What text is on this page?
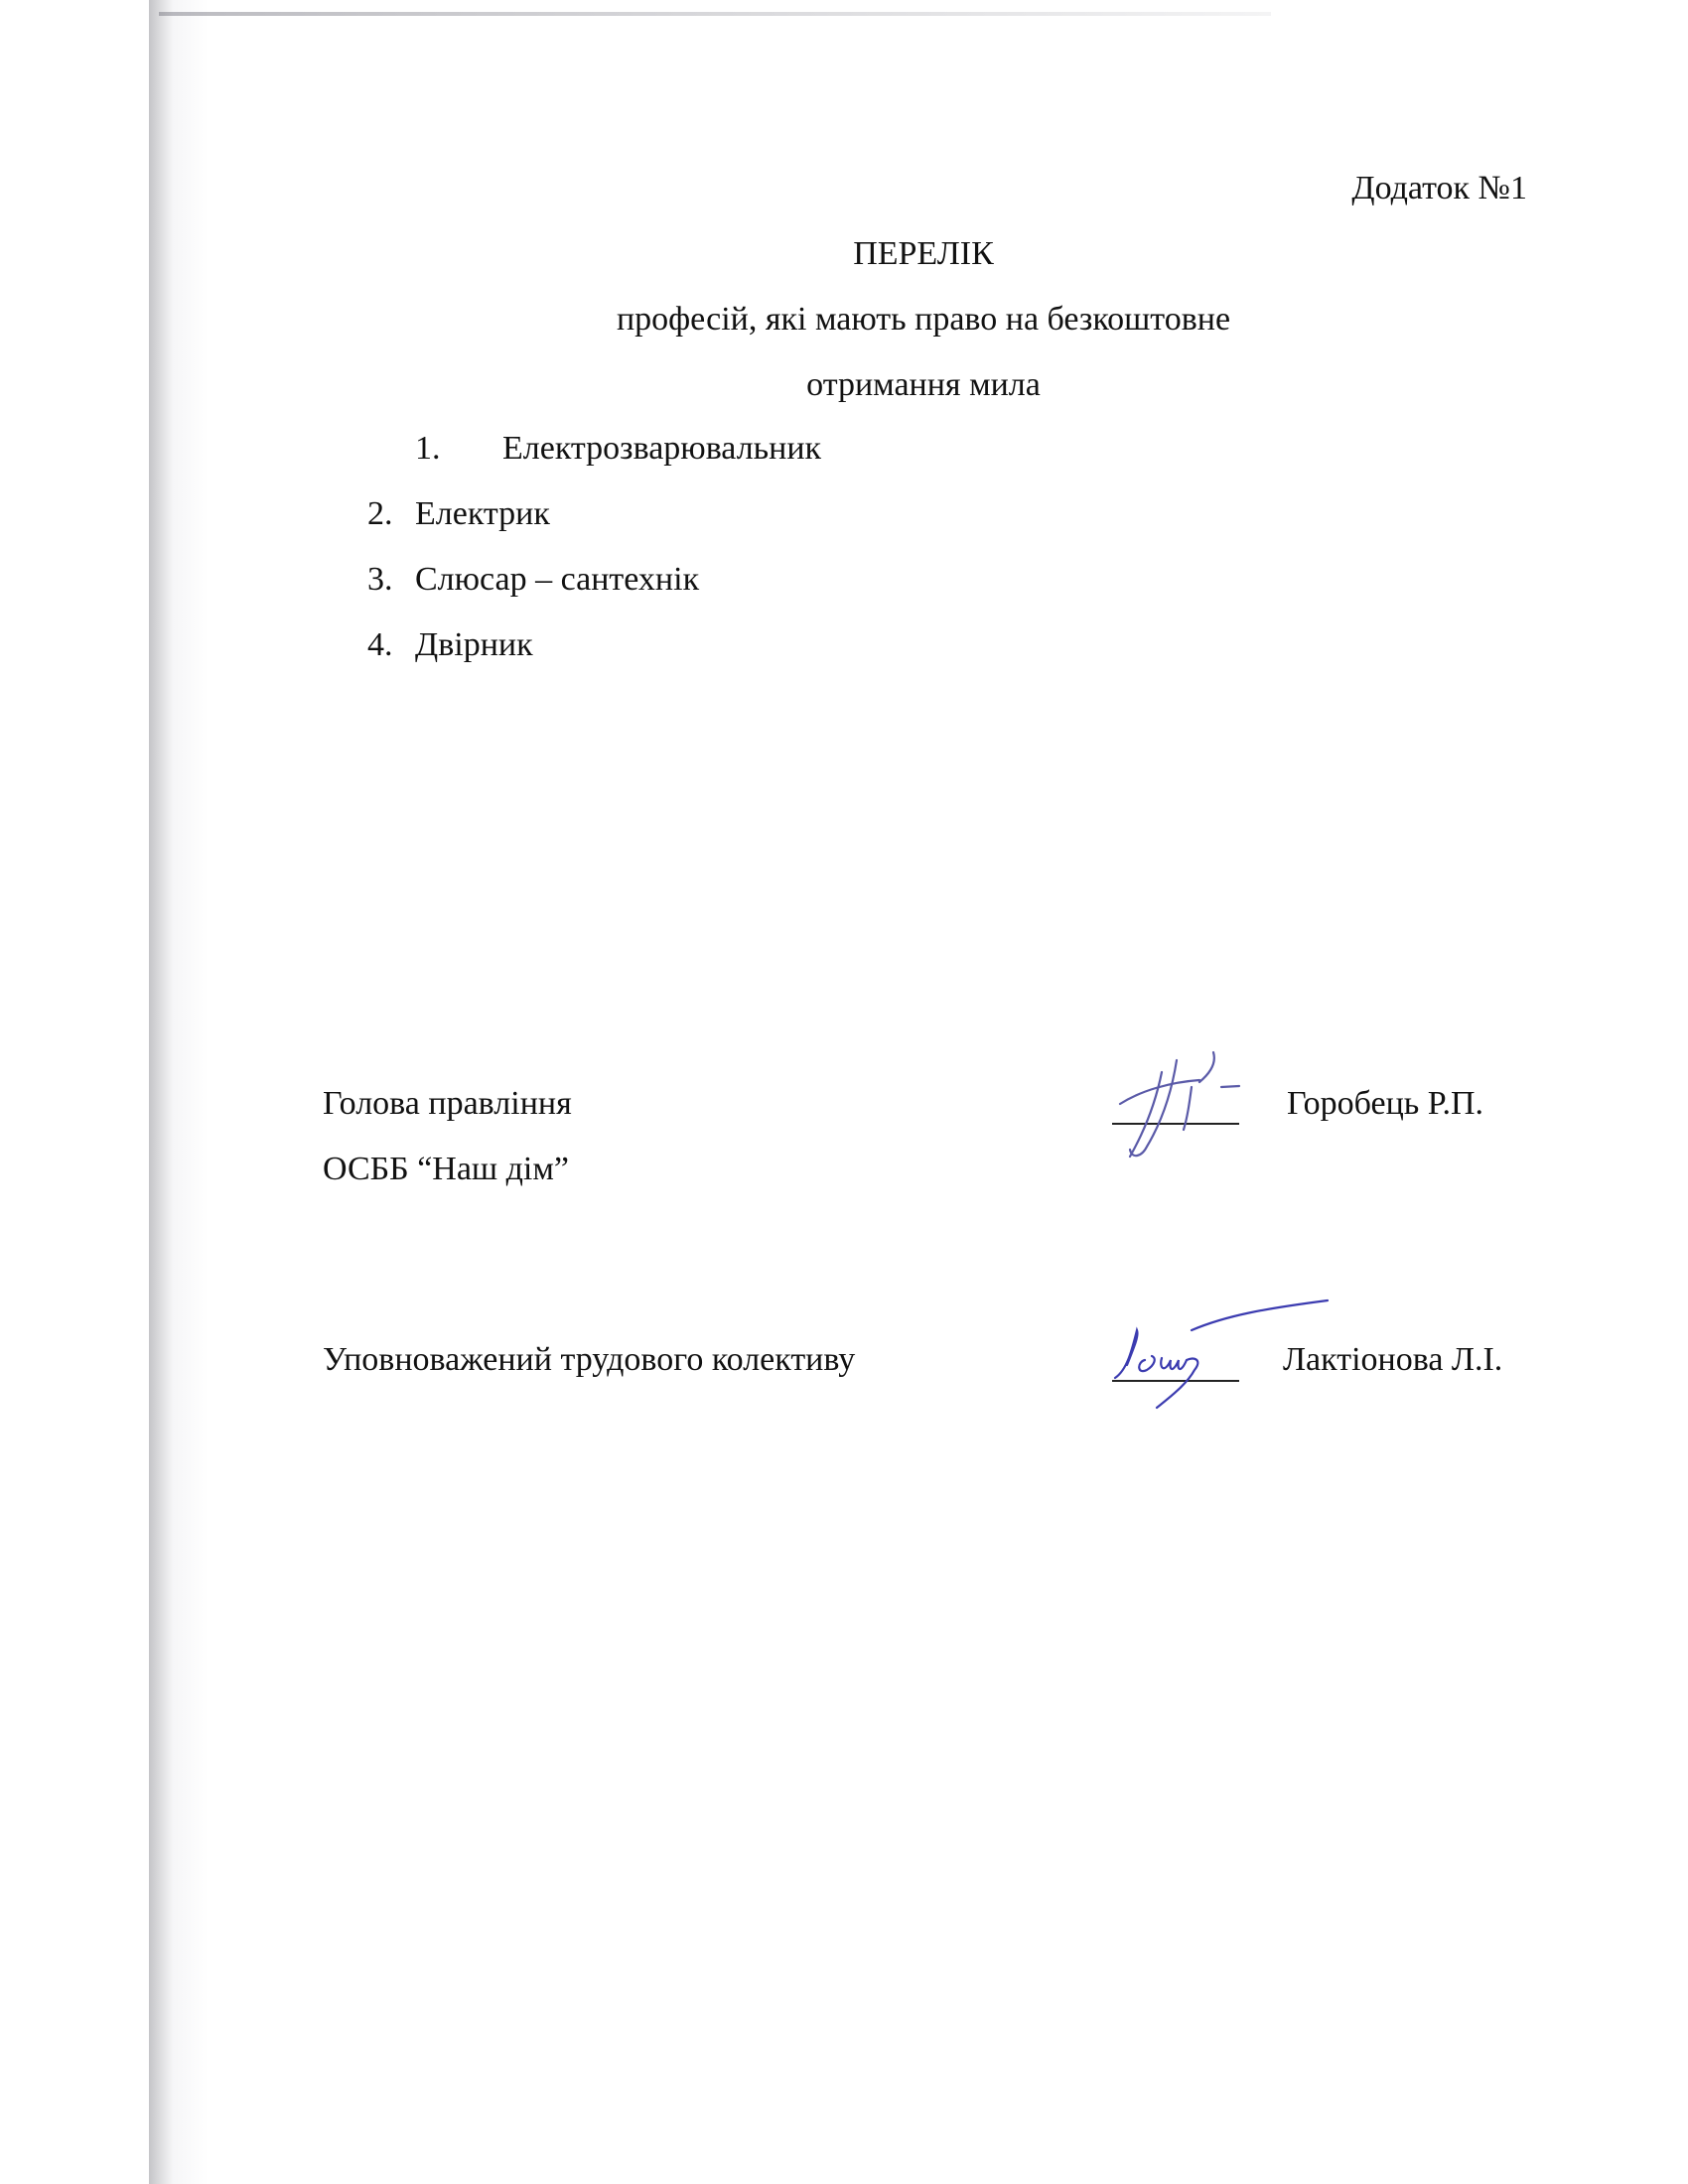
Додаток №1
ПЕРЕЛІК
професій, які мають право на безкоштовне
отримання мила
1. Електрозварювальник
2. Електрик
3. Слюсар – сантехнік
4. Двірник
Голова правління
ОСББ “Наш дім”
Горобець Р.П.
Уповноважений трудового колективу	Лактіонова Л.І.
